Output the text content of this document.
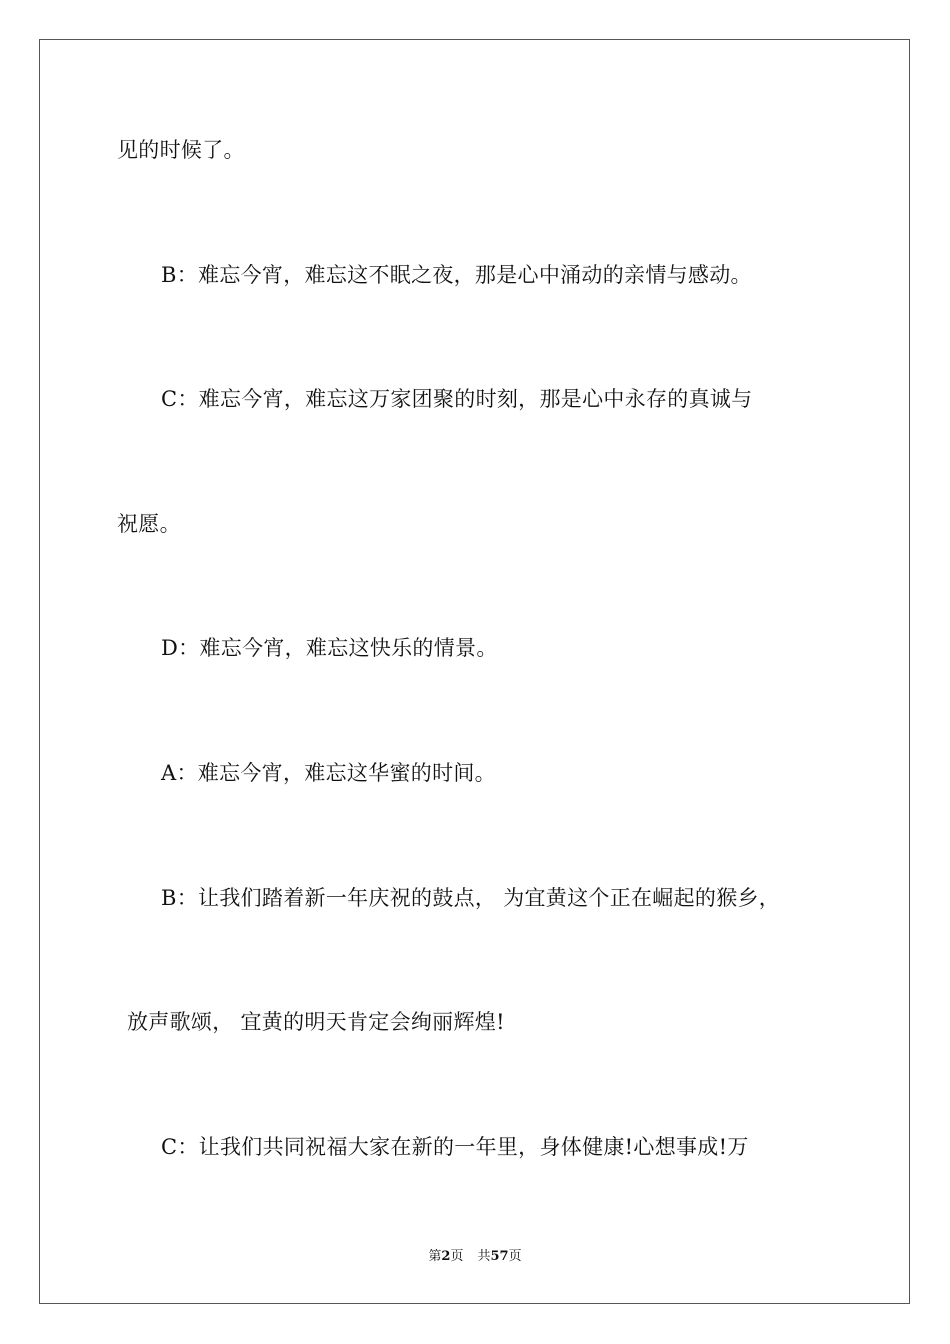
见的时候了。
B：难忘今宵，难忘这不眠之夜，那是心中涌动的亲情与感动。
C：难忘今宵，难忘这万家团聚的时刻，那是心中永存的真诚与
祝愿。
D：难忘今宵，难忘这快乐的情景。
A：难忘今宵，难忘这华蜜的时间。
B：让我们踏着新一年庆祝的鼓点， 为宜黄这个正在崛起的猴乡，
放声歌颂， 宜黄的明天肯定会绚丽辉煌!
C：让我们共同祝福大家在新的一年里，身体健康!心想事成!万
第2页 共57页
